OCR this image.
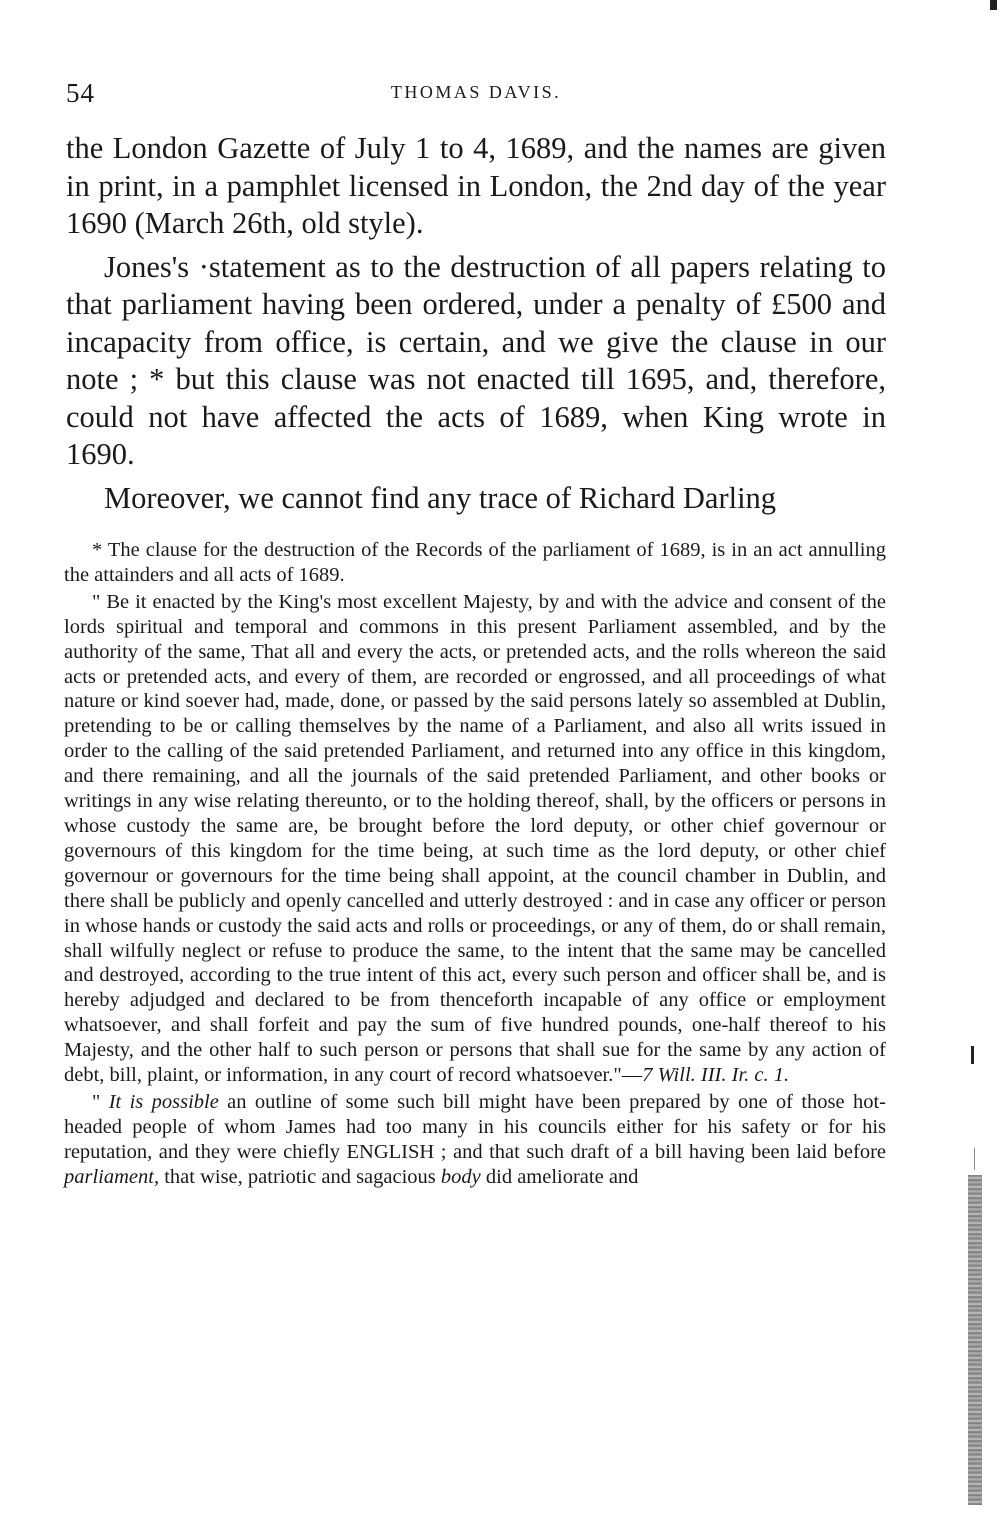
54	THOMAS DAVIS.

the London Gazette of July 1 to 4, 1689, and the names are given in print, in a pamphlet licensed in London, the 2nd day of the year 1690 (March 26th, old style).

Jones's ·statement as to the destruction of all papers relating to that parliament having been ordered, under a penalty of £500 and incapacity from office, is certain, and we give the clause in our note ; * but this clause was not enacted till 1695, and, therefore, could not have affected the acts of 1689, when King wrote in 1690.

Moreover, we cannot find any trace of Richard Darling

* The clause for the destruction of the Records of the parliament of 1689, is in an act annulling the attainders and all acts of 1689.

" Be it enacted by the King's most excellent Majesty, by and with the advice and consent of the lords spiritual and temporal and commons in this present Parliament assembled, and by the authority of the same, That all and every the acts, or pretended acts, and the rolls whereon the said acts or pretended acts, and every of them, are recorded or engrossed, and all proceedings of what nature or kind soever had, made, done, or passed by the said persons lately so assembled at Dublin, pretending to be or calling themselves by the name of a Parliament, and also all writs issued in order to the calling of the said pretended Parliament, and returned into any office in this kingdom, and there remaining, and all the journals of the said pretended Parliament, and other books or writings in any wise relating thereunto, or to the holding thereof, shall, by the officers or persons in whose custody the same are, be brought before the lord deputy, or other chief governour or governours of this kingdom for the time being, at such time as the lord deputy, or other chief governour or governours for the time being shall appoint, at the council chamber in Dublin, and there shall be publicly and openly cancelled and utterly destroyed : and in case any officer or person in whose hands or custody the said acts and rolls or proceedings, or any of them, do or shall remain, shall wilfully neglect or refuse to produce the same, to the intent that the same may be cancelled and destroyed, according to the true intent of this act, every such person and officer shall be, and is hereby adjudged and declared to be from thenceforth incapable of any office or employment whatsoever, and shall forfeit and pay the sum of five hundred pounds, one-half thereof to his Majesty, and the other half to such person or persons that shall sue for the same by any action of debt, bill, plaint, or information, in any court of record whatsoever."—7 Will. III. Ir. c. 1.

" It is possible an outline of some such bill might have been prepared by one of those hot-headed people of whom James had too many in his councils either for his safety or for his reputation, and they were chiefly ENGLISH ; and that such draft of a bill having been laid before parliament, that wise, patriotic and sagacious body did ameliorate and
